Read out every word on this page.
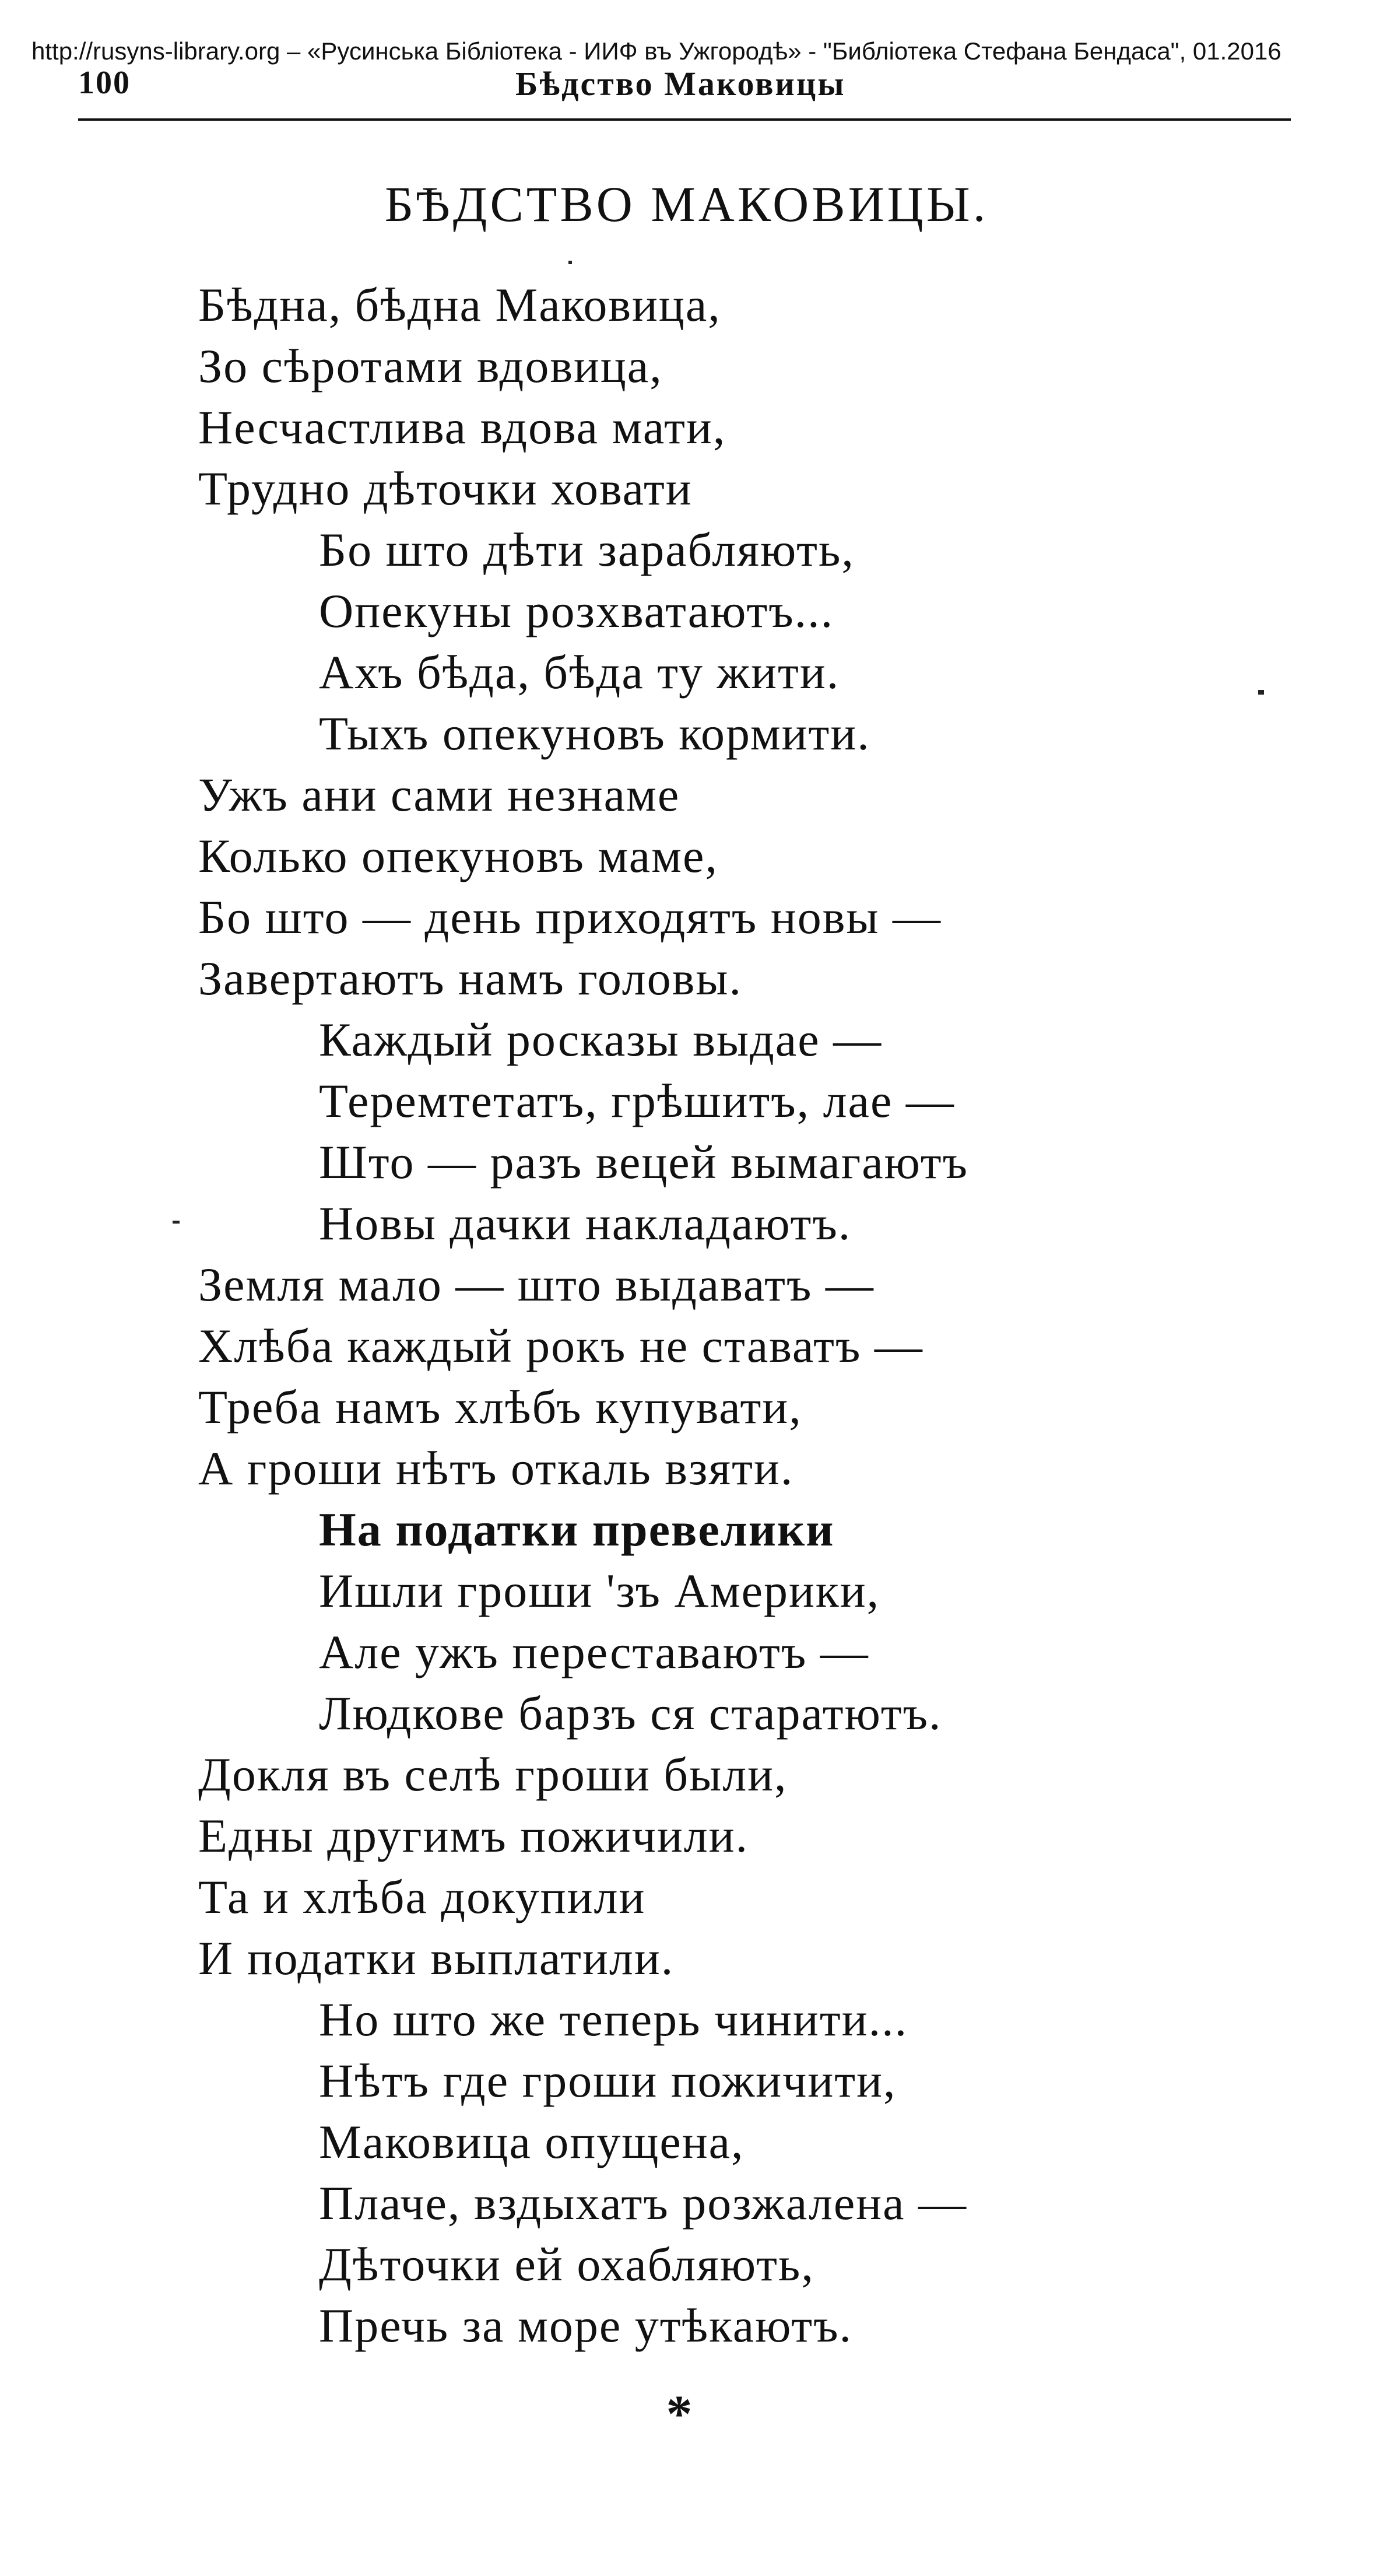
http://rusyns-library.org – «Русинська Бібліотека - ИИФ въ Ужгородѣ» - "Библіотека Стефана Бендаса", 01.2016
100	Бѣдство Маковицы
БѢДСТВО МАКОВИЦЫ.
Бѣдна, бѣдна Маковица,
Зо сѣротами вдовица,
Несчастлива вдова мати,
Трудно дѣточки ховати
Бо што дѣти зарабляють,
Опекуны розхватаютъ...
Ахъ бѣда, бѣда ту жити.
Тыхъ опекуновъ кормити.
Ужъ ани сами незнаме
Колько опекуновъ маме,
Бо што — день приходятъ новы —
Завертаютъ намъ головы.
Каждый росказы выдае —
Теремтетатъ, грѣшитъ, лае —
Што — разъ вецей вымагаютъ
Новы дачки накладаютъ.
Земля мало — што выдаватъ —
Хлѣба каждый рокъ не ставатъ —
Треба намъ хлѣбъ купувати,
А гроши нѣтъ откаль взяти.
На податки превелики
Ишли гроши 'зъ Америки,
Але ужъ переставаютъ —
Людкове барзъ ся старатютъ.
Докля въ селѣ гроши были,
Едны другимъ пожичили.
Та и хлѣба докупили
И податки выплатили.
Но што же теперь чинити...
Нѣтъ где гроши пожичити,
Маковица опущена,
Плаче, вздыхатъ розжалена —
Дѣточки ей охабляють,
Пречь за море утѣкаютъ.
*
